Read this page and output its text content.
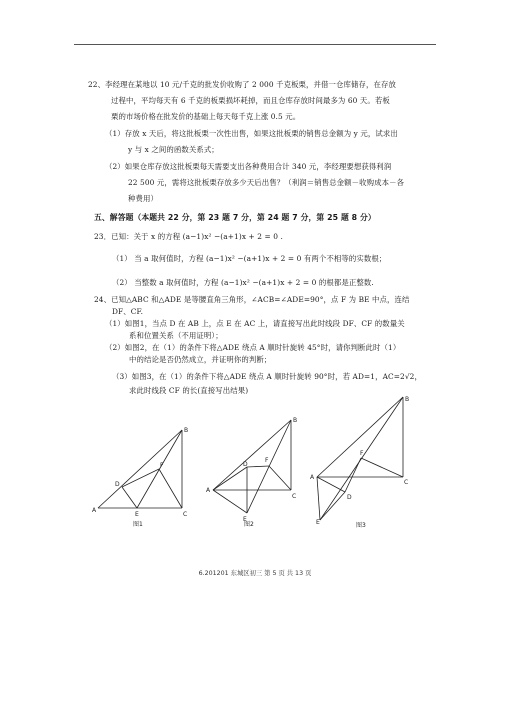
22、李经理在某地以 10 元/千克的批发价收购了 2 000 千克板栗，并借一仓库储存，在存放
过程中，平均每天有 6 千克的板栗损坏耗掉，而且仓库存放时间最多为 60 天。若板
栗的市场价格在批发价的基础上每天每千克上涨 0.5 元。
（1）存放 x 天后，将这批板栗一次性出售，如果这批板栗的销售总金额为 y 元，试求出
y 与 x 之间的函数关系式；
（2）如果仓库存放这批板栗每天需要支出各种费用合计 340 元，李经理要想获得利润
22 500 元，需将这批板栗存放多少天后出售？（利润＝销售总金额－收购成本－各
种费用）
五、解答题（本题共 22 分，第 23 题 7 分，第 24 题 7 分，第 25 题 8 分）
23．已知：关于 x 的方程 (a−1)x² −(a+1)x + 2 = 0 .
（1） 当 a 取何值时，方程 (a−1)x² −(a+1)x + 2 = 0 有两个不相等的实数根；
（2） 当整数 a 取何值时，方程 (a−1)x² −(a+1)x + 2 = 0 的根都是正整数.
24、已知△ABC 和△ADE 是等腰直角三角形，∠ACB=∠ADE=90°，点 F 为 BE 中点，连结
DF、CF.
（1）如图1，当点 D 在 AB 上，点 E 在 AC 上，请直接写出此时线段 DF、CF 的数量关
系和位置关系（不用证明）；
（2）如图2，在（1）的条件下将△ADE 绕点 A 顺时针旋转 45°时，请你判断此时（1）
中的结论是否仍然成立，并证明你的判断；
（3）如图3，在（1）的条件下将△ADE 绕点 A 顺时针旋转 90°时，若 AD=1，AC=2√2，
求此时线段 CF 的长(直接写出结果)
B
F
D
A
E	C
图1
B
F
D
A
C
E
图2
B
F
A
C
D
E	图3
6.201201 东城区初三 第 5 页 共 13 页
